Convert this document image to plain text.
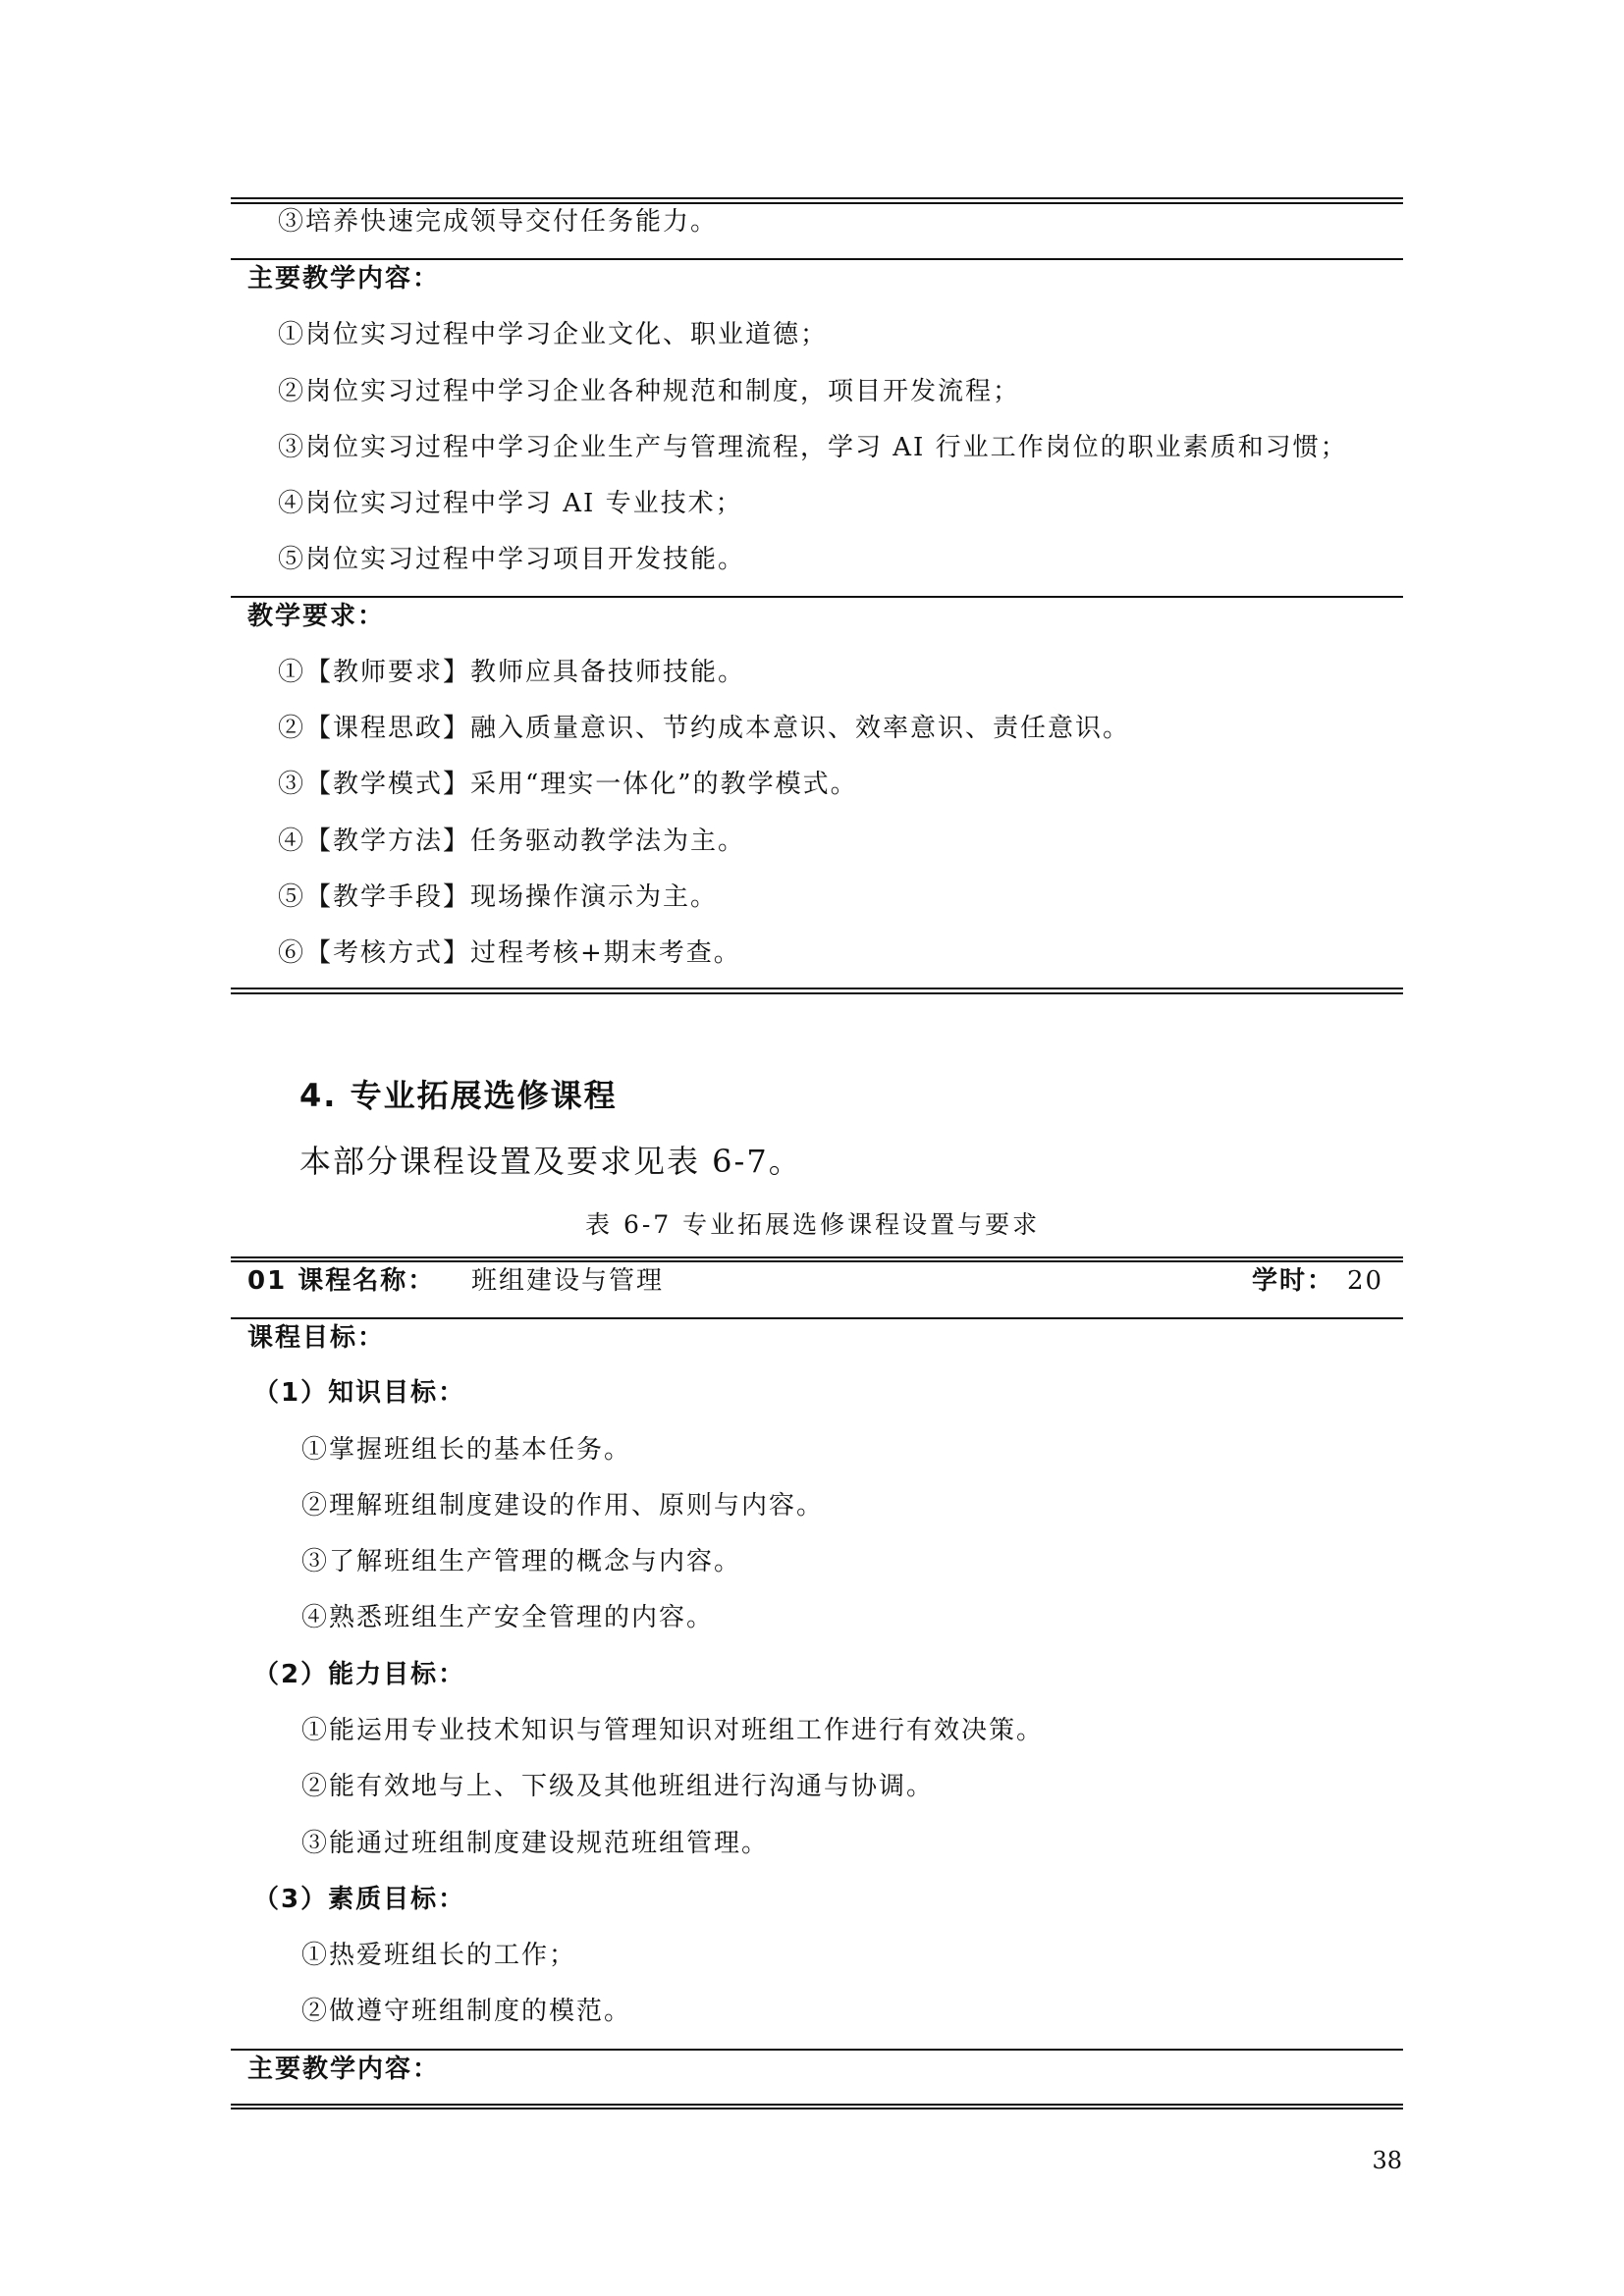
③培养快速完成领导交付任务能力。
主要教学内容：
①岗位实习过程中学习企业文化、职业道德；
②岗位实习过程中学习企业各种规范和制度，项目开发流程；
③岗位实习过程中学习企业生产与管理流程，学习 AI 行业工作岗位的职业素质和习惯；
④岗位实习过程中学习 AI 专业技术；
⑤岗位实习过程中学习项目开发技能。
教学要求：
①【教师要求】教师应具备技师技能。
②【课程思政】融入质量意识、节约成本意识、效率意识、责任意识。
③【教学模式】采用“理实一体化”的教学模式。
④【教学方法】任务驱动教学法为主。
⑤【教学手段】现场操作演示为主。
⑥【考核方式】过程考核+期末考查。
4. 专业拓展选修课程
本部分课程设置及要求见表 6-7。
表 6-7 专业拓展选修课程设置与要求
01 课程名称： 班组建设与管理	学时： 20
课程目标：
（1）知识目标：
①掌握班组长的基本任务。
②理解班组制度建设的作用、原则与内容。
③了解班组生产管理的概念与内容。
④熟悉班组生产安全管理的内容。
（2）能力目标：
①能运用专业技术知识与管理知识对班组工作进行有效决策。
②能有效地与上、下级及其他班组进行沟通与协调。
③能通过班组制度建设规范班组管理。
（3）素质目标：
①热爱班组长的工作；
②做遵守班组制度的模范。
主要教学内容：
38
